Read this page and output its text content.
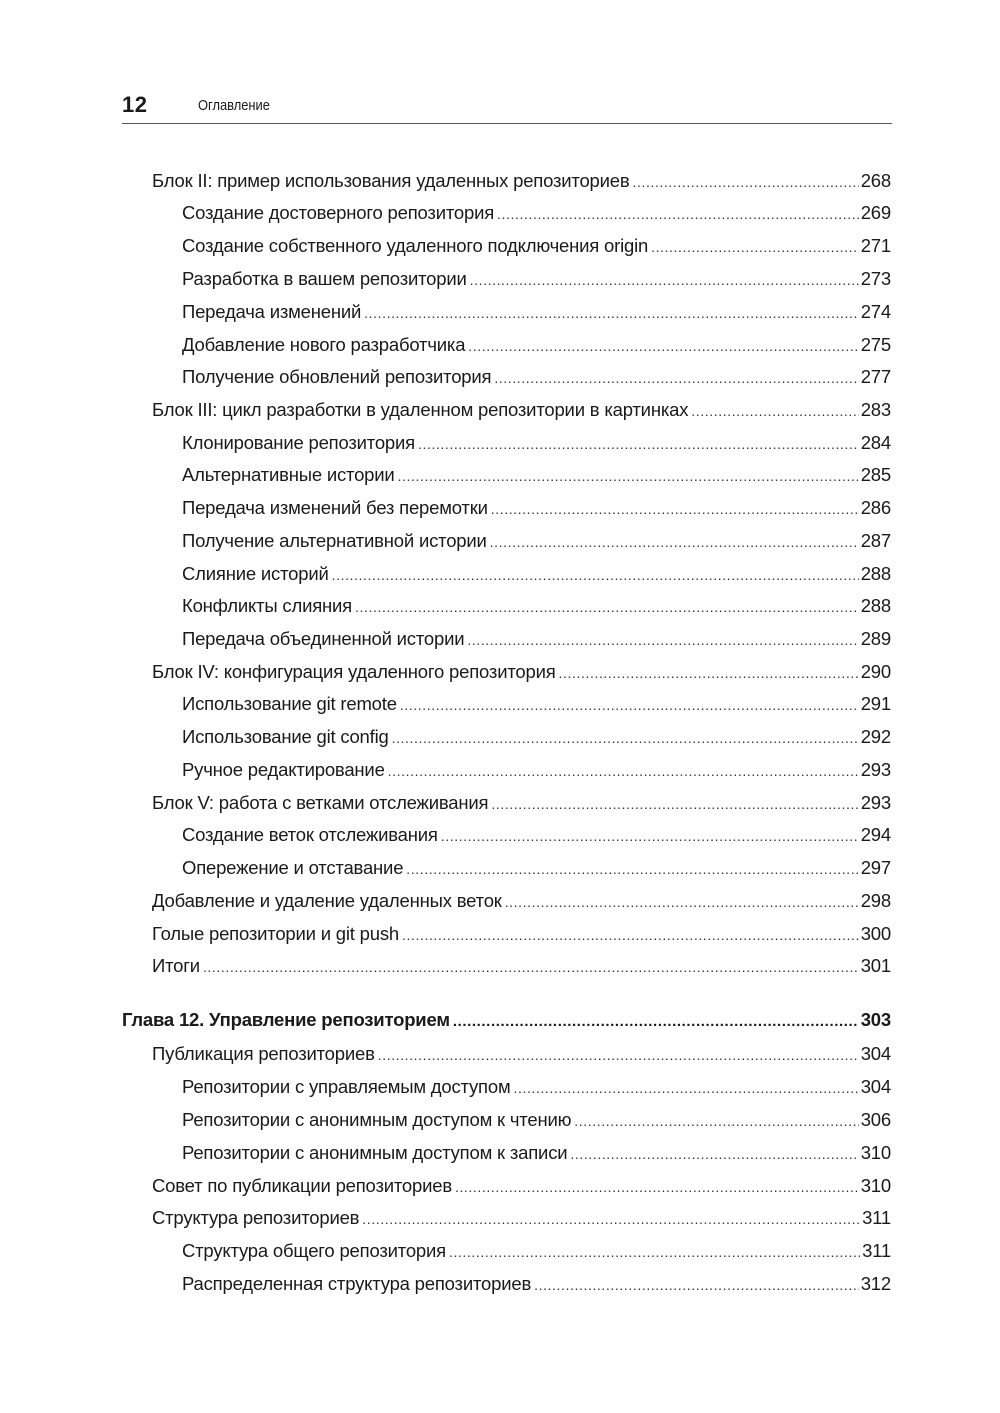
12	Оглавление
Блок II: пример использования удаленных репозиториев .....	268
Создание достоверного репозитория .....	269
Создание собственного удаленного подключения origin .....	271
Разработка в вашем репозитории .....	273
Передача изменений .....	274
Добавление нового разработчика .....	275
Получение обновлений репозитория .....	277
Блок III: цикл разработки в удаленном репозитории в картинках .....	283
Клонирование репозитория .....	284
Альтернативные истории .....	285
Передача изменений без перемотки .....	286
Получение альтернативной истории .....	287
Слияние историй .....	288
Конфликты слияния .....	288
Передача объединенной истории .....	289
Блок IV: конфигурация удаленного репозитория .....	290
Использование git remote .....	291
Использование git config .....	292
Ручное редактирование .....	293
Блок V: работа с ветками отслеживания .....	293
Создание веток отслеживания .....	294
Опережение и отставание .....	297
Добавление и удаление удаленных веток .....	298
Голые репозитории и git push .....	300
Итоги .....	301
Глава 12. Управление репозиторием .....	303
Публикация репозиториев .....	304
Репозитории с управляемым доступом .....	304
Репозитории с анонимным доступом к чтению .....	306
Репозитории с анонимным доступом к записи .....	310
Совет по публикации репозиториев .....	310
Структура репозиториев .....	311
Структура общего репозитория .....	311
Распределенная структура репозиториев .....	312
